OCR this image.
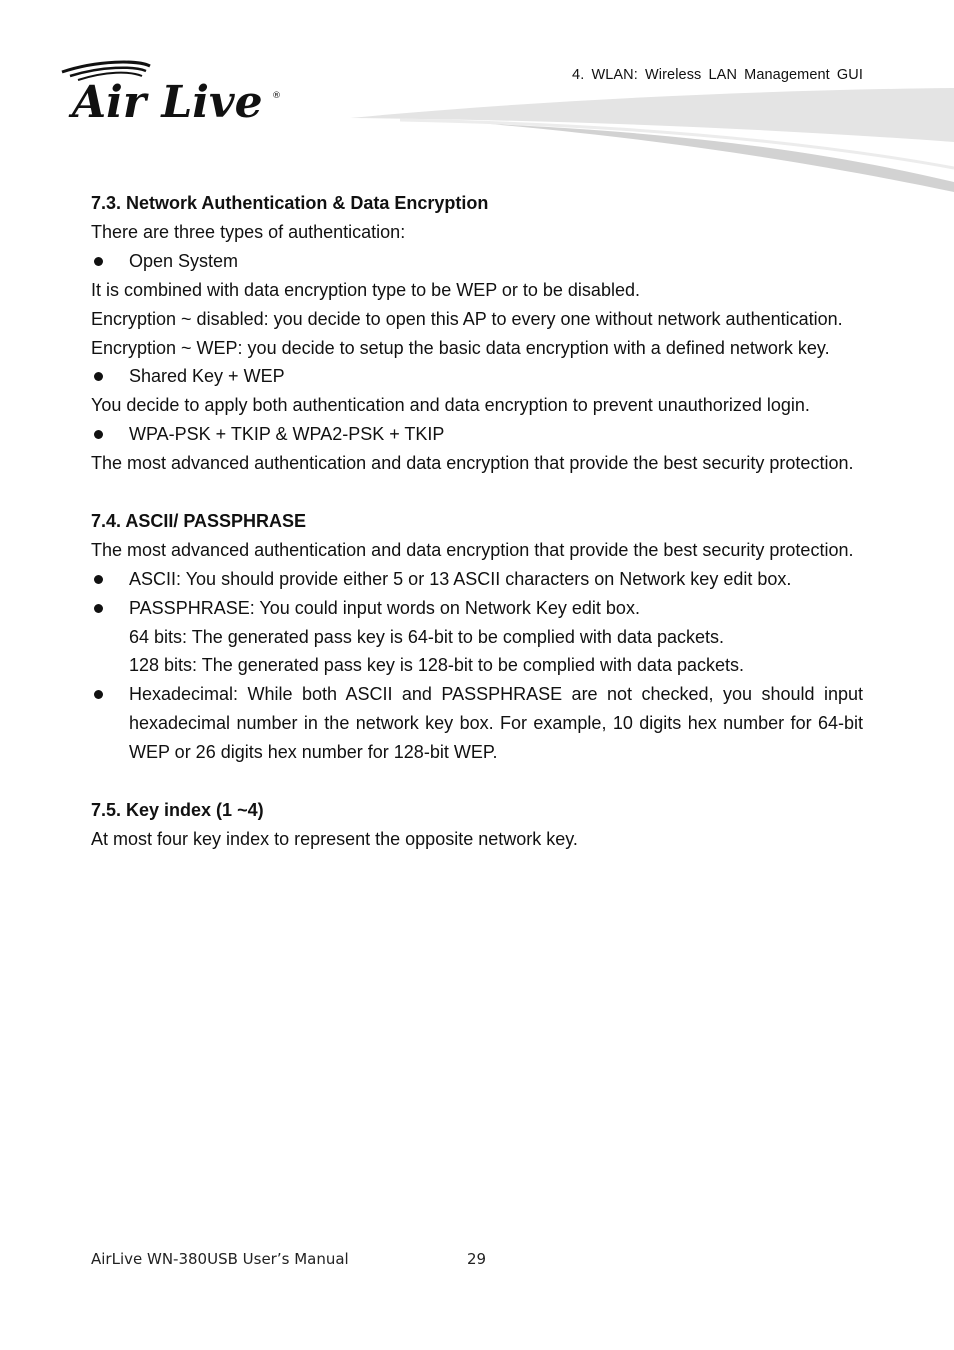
Air Live ®
4. WLAN: Wireless LAN Management GUI

7.3. Network Authentication & Data Encryption

There are three types of authentication:

Open System

It is combined with data encryption type to be WEP or to be disabled.

Encryption ~ disabled: you decide to open this AP to every one without network authentication.

Encryption ~ WEP: you decide to setup the basic data encryption with a defined network key.

Shared Key + WEP

You decide to apply both authentication and data encryption to prevent unauthorized login.

WPA-PSK + TKIP & WPA2-PSK + TKIP

The most advanced authentication and data encryption that provide the best security protection.

7.4. ASCII/ PASSPHRASE

The most advanced authentication and data encryption that provide the best security protection.

ASCII: You should provide either 5 or 13 ASCII characters on Network key edit box.
PASSPHRASE: You could input words on Network Key edit box.

64 bits: The generated pass key is 64-bit to be complied with data packets.

128 bits: The generated pass key is 128-bit to be complied with data packets.

Hexadecimal: While both ASCII and PASSPHRASE are not checked, you should input hexadecimal number in the network key box. For example, 10 digits hex number for 64-bit WEP or 26 digits hex number for 128-bit WEP.

7.5. Key index (1 ~4)

At most four key index to represent the opposite network key.

AirLive WN-380USB User’s Manual	29
